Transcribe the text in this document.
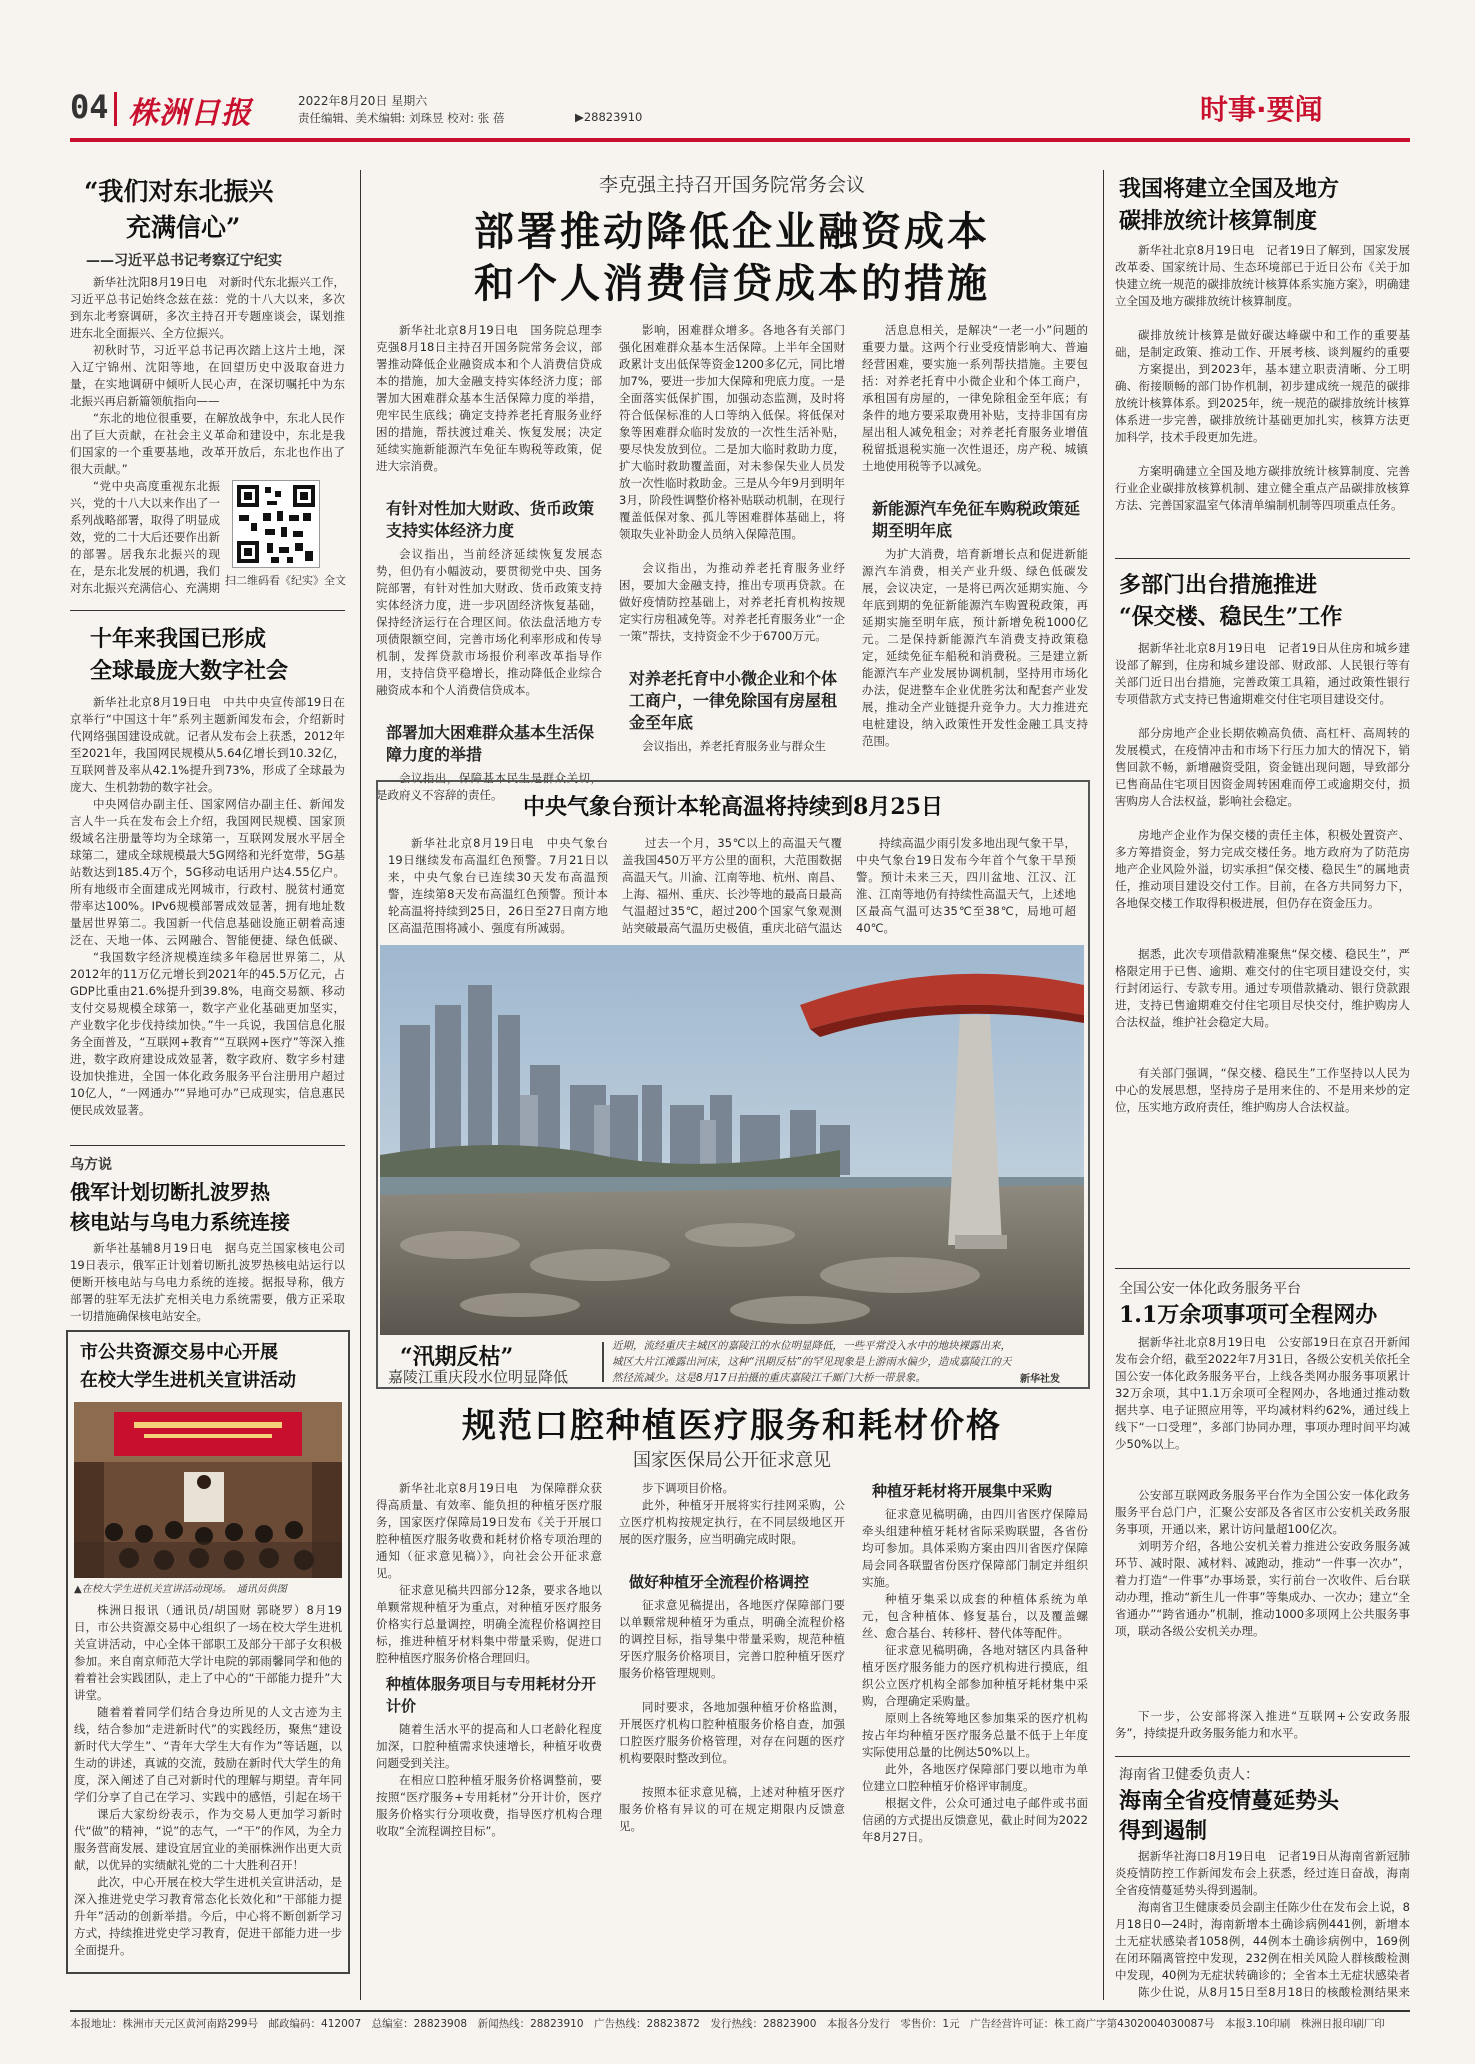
04 株洲日报	2022年8月20日 星期六
责任编辑、美术编辑: 刘珠昱 校对: 张 蓓	▶28823910	时事·要闻
“我们对东北振兴
充满信心”
——习近平总书记考察辽宁纪实
新华社沈阳8月19日电　对新时代东北振兴工作，习近平总书记始终念兹在兹：党的十八大以来，多次到东北考察调研，多次主持召开专题座谈会，谋划推进东北全面振兴、全方位振兴。
初秋时节，习近平总书记再次踏上这片土地，深入辽宁锦州、沈阳等地，在回望历史中汲取奋进力量，在实地调研中倾听人民心声，在深切嘱托中为东北振兴再启新篇领航指向——
“东北的地位很重要，在解放战争中，东北人民作出了巨大贡献，在社会主义革命和建设中，东北是我们国家的一个重要基地，改革开放后，东北也作出了很大贡献。”
“党中央高度重视东北振兴，党的十八大以来作出了一系列战略部署，取得了明显成效，党的二十大后还要作出新的部署。居我东北振兴的现在，是东北发展的机遇，我们对东北振兴充满信心、充满期
扫二维码看《纪实》全文
十年来我国已形成
全球最庞大数字社会
新华社北京8月19日电　中共中央宣传部19日在京举行“中国这十年”系列主题新闻发布会，介绍新时代网络强国建设成就。记者从发布会上获悉，2012年至2021年，我国网民规模从5.64亿增长到10.32亿，互联网普及率从42.1%提升到73%，形成了全球最为庞大、生机勃勃的数字社会。
中央网信办副主任、国家网信办副主任、新闻发言人牛一兵在发布会上介绍，我国网民规模、国家顶级域名注册量等均为全球第一，互联网发展水平居全球第二，建成全球规模最大5G网络和光纤宽带，5G基站数达到185.4万个，5G移动电话用户达4.55亿户。所有地级市全面建成光网城市，行政村、脱贫村通宽带率达100%。IPv6规模部署成效显著，拥有地址数量居世界第二。我国新一代信息基础设施正朝着高速泛在、天地一体、云网融合、智能便捷、绿色低碳、
“我国数字经济规模连续多年稳居世界第二，从2012年的11万亿元增长到2021年的45.5万亿元，占GDP比重由21.6%提升到39.8%，电商交易额、移动支付交易规模全球第一，数字产业化基础更加坚实，产业数字化步伐持续加快。”牛一兵说，我国信息化服务全面普及，“互联网+教育”“互联网+医疗”等深入推进，数字政府建设成效显著，数字政府、数字乡村建设加快推进，全国一体化政务服务平台注册用户超过10亿人，“一网通办”“异地可办”已成现实，信息惠民便民成效显著。
乌方说
俄军计划切断扎波罗热
核电站与乌电力系统连接
新华社基辅8月19日电　据乌克兰国家核电公司19日表示，俄军正计划着切断扎波罗热核电站运行以便断开核电站与乌电力系统的连接。据报导称，俄方部署的驻军无法扩充相关电力系统需要，俄方正采取一切措施确保核电站安全。
市公共资源交易中心开展
在校大学生进机关宣讲活动
▲在校大学生进机关宣讲活动现场。　通讯员供图
株洲日报讯（通讯员/胡国财 郭晓罗）8月19日，市公共资源交易中心组织了一场在校大学生进机关宣讲活动，中心全体干部职工及部分干部子女积极参加。来自南京师范大学计电院的郭雨馨同学和他的着着社会实践团队，走上了中心的“干部能力提升”大讲堂。
随着着着同学们结合身边所见的人文古迹为主线，结合参加“走进新时代”的实践经历，聚焦“建设新时代大学生”、“青年大学生大有作为”等话题，以生动的讲述，真诚的交流，鼓励在新时代大学生的角度，深入阐述了自己对新时代的理解与期望。青年同学们分享了自己在学习、实践中的感悟，引起在场干
课后大家纷纷表示，作为交易人更加学习新时代“做”的精神，“说”的志气，一“干”的作风，为全力服务营商发展、建设宜居宜业的美丽株洲作出更大贡献，以优异的实绩献礼党的二十大胜利召开！
此次，中心开展在校大学生进机关宣讲活动，是深入推进党史学习教育常态化长效化和“干部能力提升年”活动的创新举措。今后，中心将不断创新学习方式，持续推进党史学习教育，促进干部能力进一步全面提升。
李克强主持召开国务院常务会议
部署推动降低企业融资成本
和个人消费信贷成本的措施
新华社北京8月19日电　国务院总理李克强8月18日主持召开国务院常务会议，部署推动降低企业融资成本和个人消费信贷成本的措施，加大金融支持实体经济力度；部署加大困难群众基本生活保障力度的举措，兜牢民生底线；确定支持养老托育服务业纾困的措施，帮扶渡过难关、恢复发展；决定延续实施新能源汽车免征车购税等政策，促进大宗消费。
有针对性加大财政、货币政策支持实体经济力度
会议指出，当前经济延续恢复发展态势，但仍有小幅波动，要贯彻党中央、国务院部署，有针对性加大财政、货币政策支持实体经济力度，进一步巩固经济恢复基础，保持经济运行在合理区间。依法盘活地方专项债限额空间，完善市场化利率形成和传导机制，发挥贷款市场报价利率改革指导作用，支持信贷平稳增长，推动降低企业综合融资成本和个人消费信贷成本。
部署加大困难群众基本生活保障力度的举措
会议指出，保障基本民生是群众关切，是政府义不容辞的责任。
影响，困难群众增多。各地各有关部门强化困难群众基本生活保障。上半年全国财政累计支出低保等资金1200多亿元，同比增加7%，要进一步加大保障和兜底力度。一是全面落实低保扩围，加强动态监测，及时将符合低保标准的人口等纳入低保。将低保对象等困难群众临时发放的一次性生活补贴，要尽快发放到位。二是加大临时救助力度，扩大临时救助覆盖面，对未参保失业人员发放一次性临时救助金。三是从今年9月到明年3月，阶段性调整价格补贴联动机制，在现行覆盖低保对象、孤儿等困难群体基础上，将领取失业补助金人员纳入保障范围。
会议指出，为推动养老托育服务业纾困，要加大金融支持，推出专项再贷款。在做好疫情防控基础上，对养老托育机构按规定实行房租减免等。对养老托育服务业“一企一策”帮扶，支持资金不少于6700万元。
对养老托育中小微企业和个体工商户，一律免除国有房屋租金至年底
会议指出，养老托育服务业与群众生
活息息相关，是解决“一老一小”问题的重要力量。这两个行业受疫情影响大、普遍经营困难，要实施一系列帮扶措施。主要包括：对养老托育中小微企业和个体工商户，承租国有房屋的，一律免除租金至年底；有条件的地方要采取费用补贴，支持非国有房屋出租人减免租金；对养老托育服务业增值税留抵退税实施一次性退还，房产税、城镇土地使用税等予以减免。
新能源汽车免征车购税政策延期至明年底
为扩大消费，培育新增长点和促进新能源汽车消费，相关产业升级、绿色低碳发展，会议决定，一是将已两次延期实施、今年底到期的免征新能源汽车购置税政策，再延期实施至明年底，预计新增免税1000亿元。二是保持新能源汽车消费支持政策稳定，延续免征车船税和消费税。三是建立新能源汽车产业发展协调机制，坚持用市场化办法，促进整车企业优胜劣汰和配套产业发展，推动全产业链提升竞争力。大力推进充电桩建设，纳入政策性开发性金融工具支持范围。
中央气象台预计本轮高温将持续到8月25日
新华社北京8月19日电　中央气象台19日继续发布高温红色预警。7月21日以来，中央气象台已连续30天发布高温预警，连续第8天发布高温红色预警。预计本轮高温将持续到25日，26日至27日南方地区高温范围将减小、强度有所减弱。
过去一个月，35℃以上的高温天气覆盖我国450万平方公里的面积，大范围数据高温天气。川渝、江南等地、杭州、南昌、上海、福州、重庆、长沙等地的最高日最高气温超过35℃，超过200个国家气象观测站突破最高气温历史极值，重庆北碚气温达
持续高温少雨引发多地出现气象干旱，中央气象台19日发布今年首个气象干旱预警。预计未来三天，四川盆地、江汉、江淮、江南等地仍有持续性高温天气，上述地区最高气温可达35℃至38℃，局地可超40℃。
“汛期反枯”
嘉陵江重庆段水位明显降低
近期，流经重庆主城区的嘉陵江的水位明显降低，一些平常没入水中的地块裸露出来，城区大片江滩露出河床，这种“汛期反枯”的罕见现象是上游雨水偏少，造成嘉陵江的天然径流减少。这是8月17日拍摄的重庆嘉陵江千厮门大桥一带景象。	新华社发
规范口腔种植医疗服务和耗材价格
国家医保局公开征求意见
新华社北京8月19日电　为保障群众获得高质量、有效率、能负担的种植牙医疗服务，国家医疗保障局19日发布《关于开展口腔种植医疗服务收费和耗材价格专项治理的通知（征求意见稿）》，向社会公开征求意见。
征求意见稿共四部分12条，要求各地以单颗常规种植牙为重点，对种植牙医疗服务价格实行总量调控，明确全流程价格调控目标，推进种植牙材料集中带量采购，促进口腔种植医疗服务价格合理回归。
种植体服务项目与专用耗材分开计价
随着生活水平的提高和人口老龄化程度加深，口腔种植需求快速增长，种植牙收费问题受到关注。
在相应口腔种植牙服务价格调整前，要按照“医疗服务+专用耗材”分开计价，医疗服务价格实行分项收费，指导医疗机构合理收取“全流程调控目标”。
步下调项目价格。
此外，种植牙开展将实行挂网采购，公立医疗机构按规定执行，在不同层级地区开展的医疗服务，应当明确完成时限。
做好种植牙全流程价格调控
征求意见稿提出，各地医疗保障部门要以单颗常规种植牙为重点，明确全流程价格的调控目标，指导集中带量采购，规范种植牙医疗服务价格项目，完善口腔种植牙医疗服务价格管理规则。
同时要求，各地加强种植牙价格监测，开展医疗机构口腔种植服务价格自查，加强口腔医疗服务价格管理，对存在问题的医疗机构要限时整改到位。
按照本征求意见稿，上述对种植牙医疗服务价格有异议的可在规定期限内反馈意见。
种植牙耗材将开展集中采购
征求意见稿明确，由四川省医疗保障局牵头组建种植牙耗材省际采购联盟，各省份均可参加。具体采购方案由四川省医疗保障局会同各联盟省份医疗保障部门制定并组织实施。
种植牙集采以成套的种植体系统为单元，包含种植体、修复基台，以及覆盖螺丝、愈合基台、转移杆、替代体等配件。
征求意见稿明确，各地对辖区内具备种植牙医疗服务能力的医疗机构进行摸底，组织公立医疗机构全部参加种植牙耗材集中采购，合理确定采购量。
原则上各统筹地区参加集采的医疗机构按占年均种植牙医疗服务总量不低于上年度实际使用总量的比例达50%以上。
此外，各地医疗保障部门要以地市为单位建立口腔种植牙价格评审制度。
根据文件，公众可通过电子邮件或书面信函的方式提出反馈意见，截止时间为2022年8月27日。
我国将建立全国及地方
碳排放统计核算制度
新华社北京8月19日电　记者19日了解到，国家发展改革委、国家统计局、生态环境部已于近日公布《关于加快建立统一规范的碳排放统计核算体系实施方案》，明确建立全国及地方碳排放统计核算制度。
碳排放统计核算是做好碳达峰碳中和工作的重要基础，是制定政策、推动工作、开展考核、谈判履约的重要
方案提出，到2023年，基本建立职责清晰、分工明确、衔接顺畅的部门协作机制，初步建成统一规范的碳排放统计核算体系。到2025年，统一规范的碳排放统计核算体系进一步完善，碳排放统计基础更加扎实，核算方法更加科学，技术手段更加先进。
方案明确建立全国及地方碳排放统计核算制度、完善行业企业碳排放核算机制、建立健全重点产品碳排放核算方法、完善国家温室气体清单编制机制等四项重点任务。
多部门出台措施推进
“保交楼、稳民生”工作
据新华社北京8月19日电　记者19日从住房和城乡建设部了解到，住房和城乡建设部、财政部、人民银行等有关部门近日出台措施，完善政策工具箱，通过政策性银行专项借款方式支持已售逾期难交付住宅项目建设交付。
部分房地产企业长期依赖高负债、高杠杆、高周转的发展模式，在疫情冲击和市场下行压力加大的情况下，销售回款不畅，新增融资受阻，资金链出现问题，导致部分已售商品住宅项目因资金周转困难而停工或逾期交付，损害购房人合法权益，影响社会稳定。
房地产企业作为保交楼的责任主体，积极处置资产、多方筹措资金，努力完成交楼任务。地方政府为了防范房地产企业风险外溢，切实承担“保交楼、稳民生”的属地责任，推动项目建设交付工作。目前，在各方共同努力下，各地保交楼工作取得积极进展，但仍存在资金压力。
据悉，此次专项借款精准聚焦“保交楼、稳民生”，严格限定用于已售、逾期、难交付的住宅项目建设交付，实行封闭运行、专款专用。通过专项借款撬动、银行贷款跟进，支持已售逾期难交付住宅项目尽快交付，维护购房人合法权益，维护社会稳定大局。
有关部门强调，“保交楼、稳民生”工作坚持以人民为中心的发展思想，坚持房子是用来住的、不是用来炒的定位，压实地方政府责任，维护购房人合法权益。
全国公安一体化政务服务平台
1.1万余项事项可全程网办
据新华社北京8月19日电　公安部19日在京召开新闻发布会介绍，截至2022年7月31日，各级公安机关依托全国公安一体化政务服务平台，上线各类网办服务事项累计32万余项，其中1.1万余项可全程网办，各地通过推动数据共享、电子证照应用等，平均减材料约62%，通过线上线下“一口受理”，多部门协同办理，事项办理时间平均减少50%以上。
公安部互联网政务服务平台作为全国公安一体化政务服务平台总门户，汇聚公安部及各省区市公安机关政务服务事项，开通以来，累计访问量超100亿次。
刘明芳介绍，各地公安机关着力推进公安政务服务减环节、减时限、减材料、减跑动，推动“一件事一次办”，着力打造“一件事”办事场景，实行前台一次收件、后台联动办理，推动“新生儿一件事”等集成办、一次办；建立“全省通办”“跨省通办”机制，推动1000多项网上公共服务事项，联动各级公安机关办理。
下一步，公安部将深入推进“互联网+公安政务服务”，持续提升政务服务能力和水平。
海南省卫健委负责人：
海南全省疫情蔓延势头
得到遏制
据新华社海口8月19日电　记者19日从海南省新冠肺炎疫情防控工作新闻发布会上获悉，经过连日奋战，海南全省疫情蔓延势头得到遏制。
海南省卫生健康委员会副主任陈少仕在发布会上说，8月18日0—24时，海南新增本土确诊病例441例，新增本土无症状感染者1058例，44例本土确诊病例中，169例在闭环隔离管控中发现，232例在相关风险人群核酸检测中发现，40例为无症状转确诊的；全省本土无症状感染者
陈少仕说，从8月15日至8月18日的核酸检测结果来
本报地址：株洲市天元区黄河南路299号　邮政编码：412007　总编室：28823908　新闻热线：28823910　广告热线：28823872　发行热线：28823900　本报各分发行　零售价：1元　广告经营许可证：株工商广字第4302004030087号　本报3.10印刷　株洲日报印刷厂印
